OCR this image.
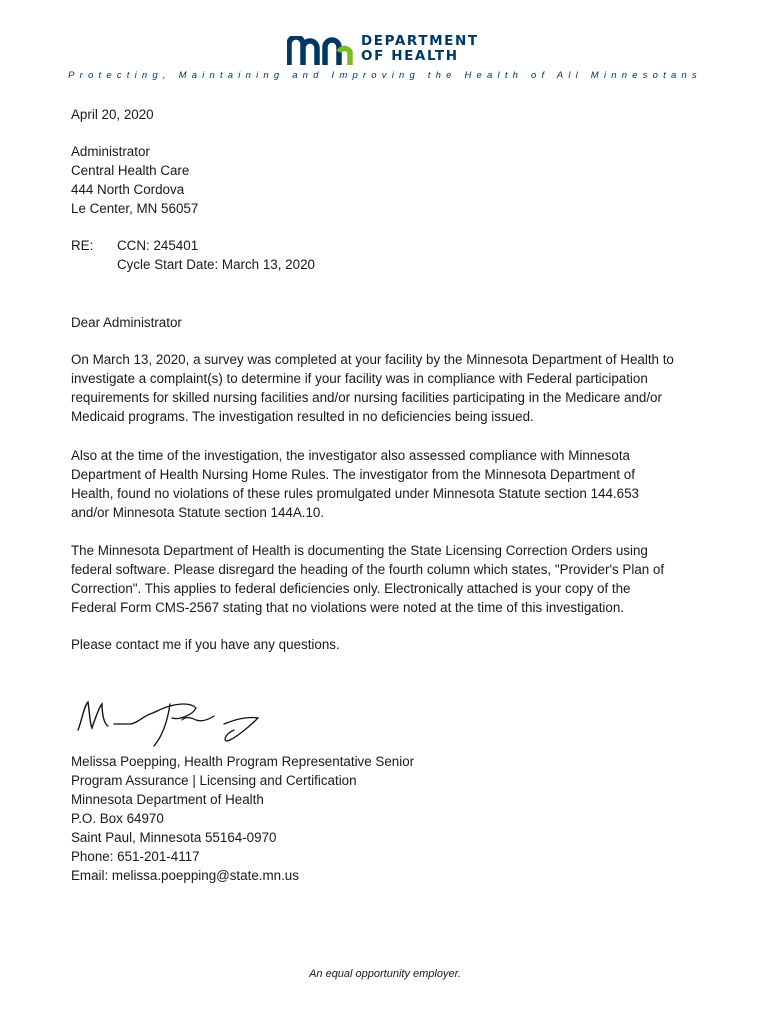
DEPARTMENT
OF HEALTH
Protecting, Maintaining and Improving the Health of All Minnesotans
April 20, 2020
Administrator
Central Health Care
444 North Cordova
Le Center, MN 56057
RE: CCN: 245401
Cycle Start Date: March 13, 2020
Dear Administrator
On March 13, 2020, a survey was completed at your facility by the Minnesota Department of Health to
investigate a complaint(s) to determine if your facility was in compliance with Federal participation
requirements for skilled nursing facilities and/or nursing facilities participating in the Medicare and/or
Medicaid programs. The investigation resulted in no deficiencies being issued.
Also at the time of the investigation, the investigator also assessed compliance with Minnesota
Department of Health Nursing Home Rules. The investigator from the Minnesota Department of
Health, found no violations of these rules promulgated under Minnesota Statute section 144.653
and/or Minnesota Statute section 144A.10.
The Minnesota Department of Health is documenting the State Licensing Correction Orders using
federal software. Please disregard the heading of the fourth column which states, "Provider's Plan of
Correction". This applies to federal deficiencies only. Electronically attached is your copy of the
Federal Form CMS-2567 stating that no violations were noted at the time of this investigation.
Please contact me if you have any questions.
Melissa Poepping, Health Program Representative Senior
Program Assurance | Licensing and Certification
Minnesota Department of Health
P.O. Box 64970
Saint Paul, Minnesota 55164-0970
Phone: 651-201-4117
Email: melissa.poepping@state.mn.us
An equal opportunity employer.
